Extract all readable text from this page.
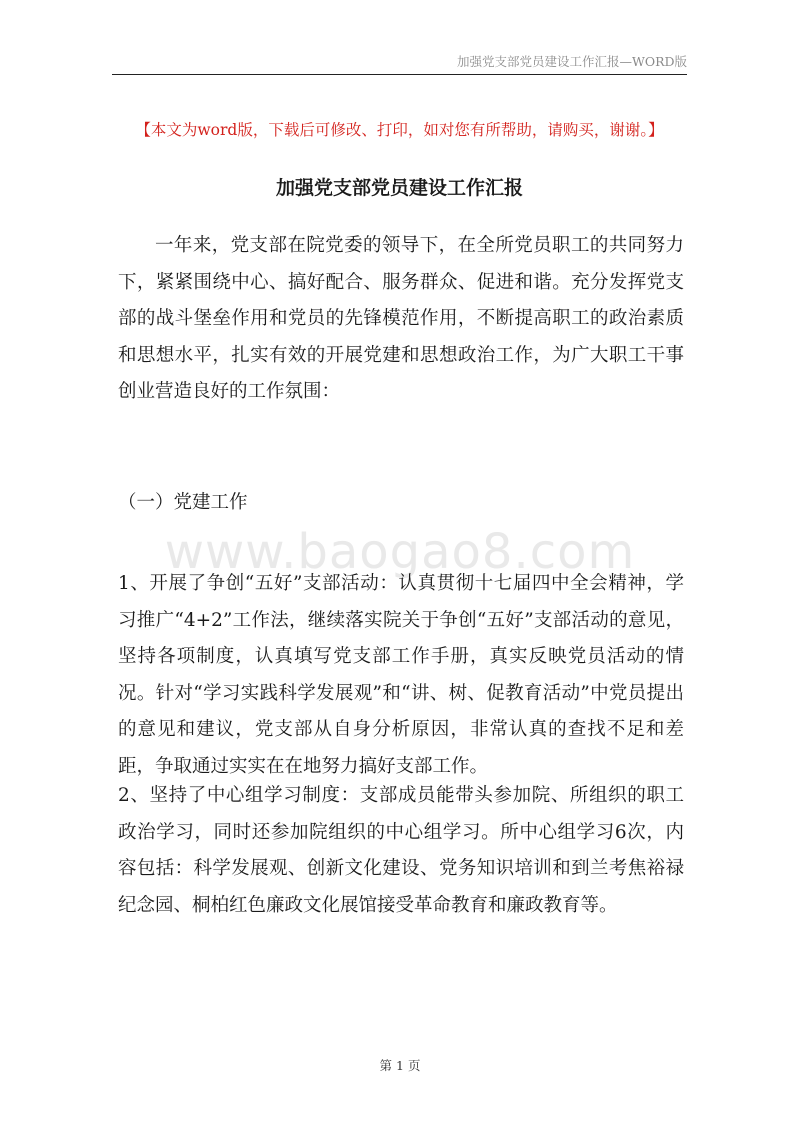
加强党支部党员建设工作汇报—WORD版
【本文为word版，下载后可修改、打印，如对您有所帮助，请购买，谢谢。】
加强党支部党员建设工作汇报
一年来，党支部在院党委的领导下，在全所党员职工的共同努力下，紧紧围绕中心、搞好配合、服务群众、促进和谐。充分发挥党支部的战斗堡垒作用和党员的先锋模范作用，不断提高职工的政治素质和思想水平，扎实有效的开展党建和思想政治工作，为广大职工干事创业营造良好的工作氛围：
（一）党建工作
www.baogao8.com
1、开展了争创“五好”支部活动：认真贯彻十七届四中全会精神，学习推广“4+2”工作法，继续落实院关于争创“五好”支部活动的意见，坚持各项制度，认真填写党支部工作手册，真实反映党员活动的情况。针对“学习实践科学发展观”和“讲、树、促教育活动”中党员提出的意见和建议，党支部从自身分析原因，非常认真的查找不足和差距，争取通过实实在在地努力搞好支部工作。
2、坚持了中心组学习制度：支部成员能带头参加院、所组织的职工政治学习，同时还参加院组织的中心组学习。所中心组学习6次，内容包括：科学发展观、创新文化建设、党务知识培训和到兰考焦裕禄纪念园、桐柏红色廉政文化展馆接受革命教育和廉政教育等。
第 1 页
